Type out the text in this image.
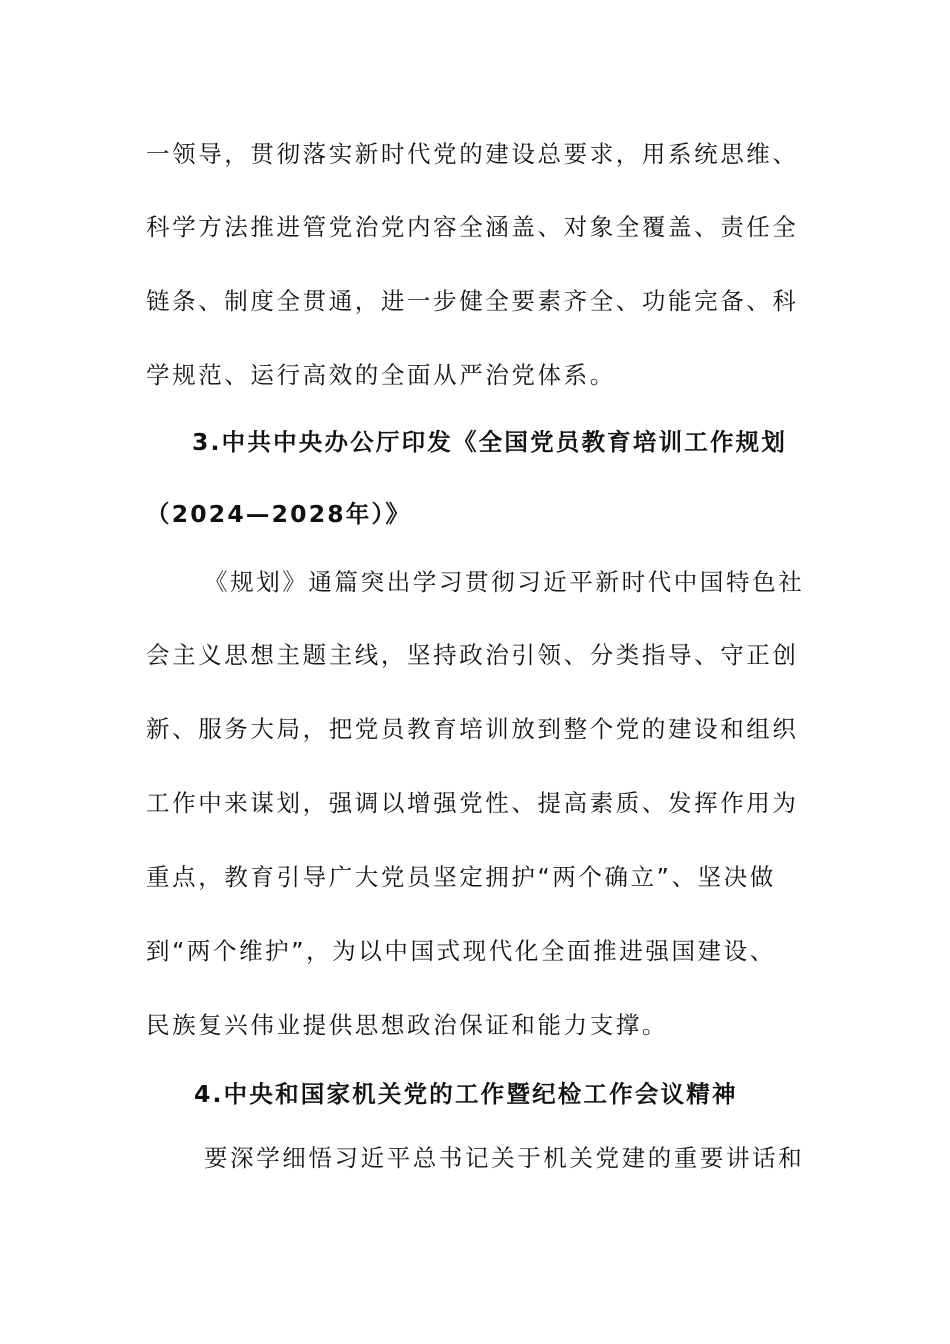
一领导，贯彻落实新时代党的建设总要求，用系统思维、
科学方法推进管党治党内容全涵盖、对象全覆盖、责任全
链条、制度全贯通，进一步健全要素齐全、功能完备、科
学规范、运行高效的全面从严治党体系。
3.中共中央办公厅印发《全国党员教育培训工作规划
（2024—2028年）》
《规划》通篇突出学习贯彻习近平新时代中国特色社
会主义思想主题主线，坚持政治引领、分类指导、守正创
新、服务大局，把党员教育培训放到整个党的建设和组织
工作中来谋划，强调以增强党性、提高素质、发挥作用为
重点，教育引导广大党员坚定拥护“两个确立”、坚决做
到“两个维护”，为以中国式现代化全面推进强国建设、
民族复兴伟业提供思想政治保证和能力支撑。
4.中央和国家机关党的工作暨纪检工作会议精神
要深学细悟习近平总书记关于机关党建的重要讲话和
